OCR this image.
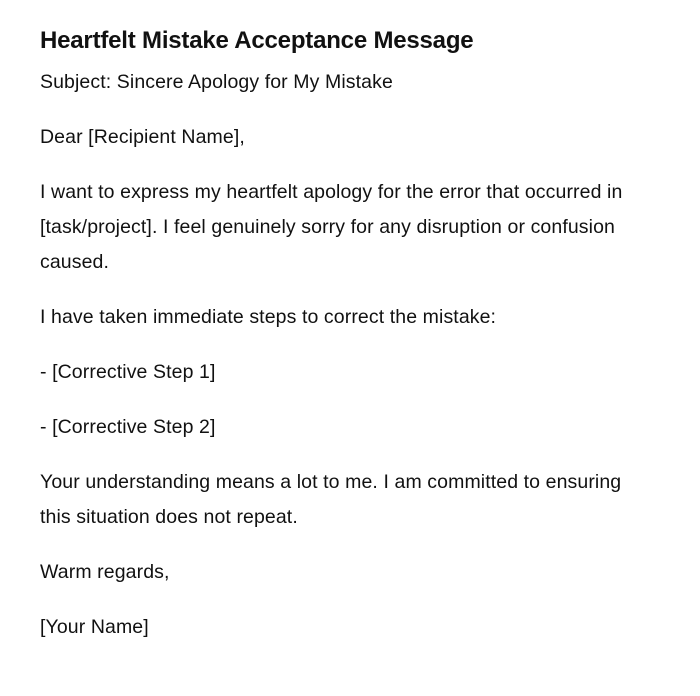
Heartfelt Mistake Acceptance Message

Subject: Sincere Apology for My Mistake

Dear [Recipient Name],

I want to express my heartfelt apology for the error that occurred in [task/project]. I feel genuinely sorry for any disruption or confusion caused.

I have taken immediate steps to correct the mistake:

- [Corrective Step 1]

- [Corrective Step 2]

Your understanding means a lot to me. I am committed to ensuring this situation does not repeat.

Warm regards,

[Your Name]
